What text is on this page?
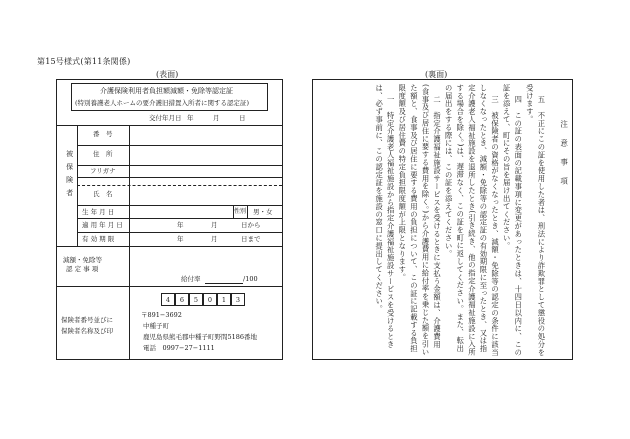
第15号様式(第11条関係)
(表面)	(裏面)
介護保険利用者負担額減額・免除等認定証
(特別養護老人ホームの要介護旧措置入所者に関する認定証)
交付年月日 年	月	日
被保険者
番　号
住　所
フリガナ
氏　名
生 年 月 日	性別 男・女
適 用 年 月 日	年	月	日から
有 効 期 限	年	月	日まで
減額・免除等
認 定 事 項
給付率	/100
保険者番号並びに
保険者名称及び印
4	6	5	0	1	3
〒891−3692
中種子町
鹿児島県熊毛郡中種子町野間5186番地
電話　0997−27−1111	五　不正にこの証を使用した者は、刑法により詐欺罪として懲役の処分を受けます。
四　この証の表面の記載事項に変更があったときは、十四日以内に、この証を添えて、町にその旨を届け出てください。
三　被保険者の資格がなくなったとき、減額・免除等の認定の条件に該当しなくなったとき、減額・免除等の認定証の有効期限に至ったとき、又は指定介護老人福祉施設を退所したとき(引き続き、他の指定介護福祉施設に入所する場合を除く。)は、遅滞なく、この証を町に返してください。また、転出の届出をする際には、この証を添えてください。
二　指定介護福祉施設サービスを受けるときに支払う金額は、介護費用(食事及び居住に要する費用を除く。)から介護費用に給付率を乗じた額を引いた額と、食事及び居住に要する費用の負担について、この証に記載する負担限度額及び居住費の特定負担限度額が上限となります。
一　特定介護老人福祉施設から指定介護福祉施設サービスを受けるときは、必ず事前に、この認定証を施設の窓口に提出してください。
	注　意　事　項
